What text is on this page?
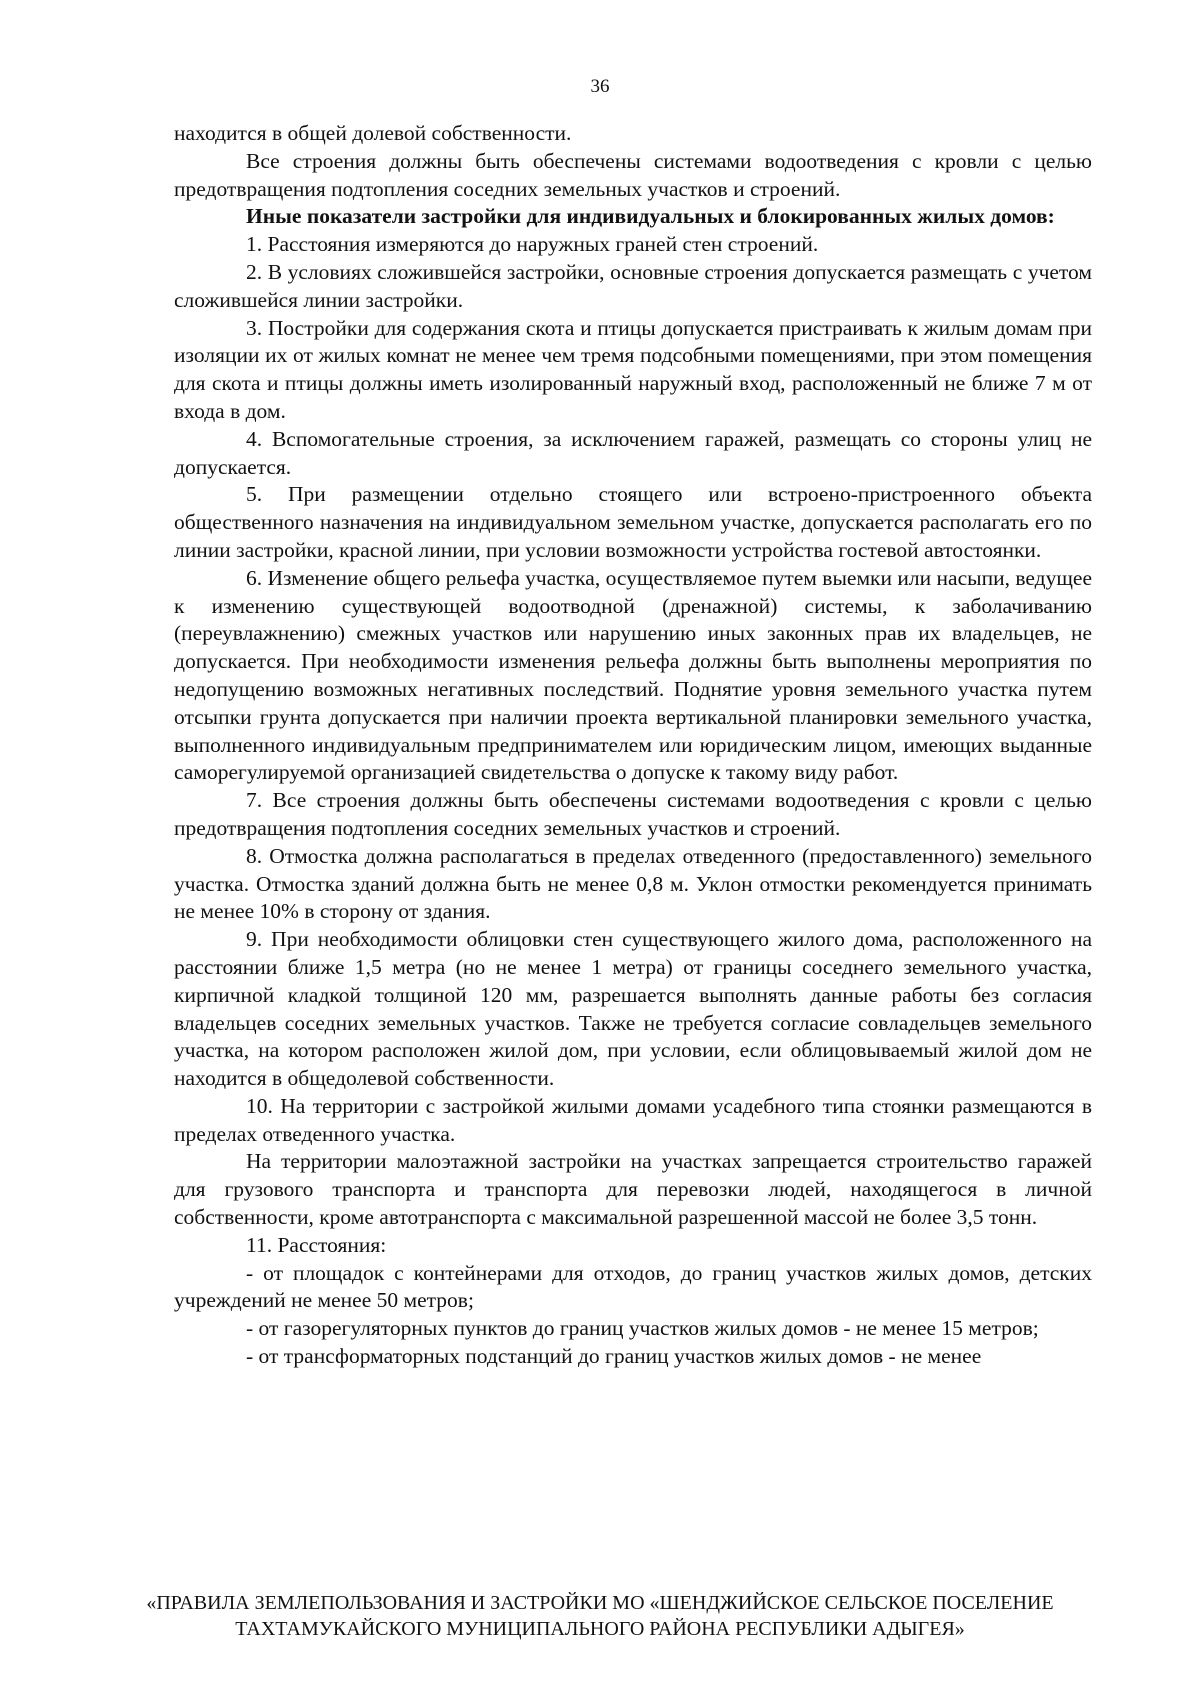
36

находится в общей долевой собственности.

Все строения должны быть обеспечены системами водоотведения с кровли с целью предотвращения подтопления соседних земельных участков и строений.

Иные показатели застройки для индивидуальных и блокированных жилых домов:

1. Расстояния измеряются до наружных граней стен строений.

2. В условиях сложившейся застройки, основные строения допускается размещать с учетом сложившейся линии застройки.

3. Постройки для содержания скота и птицы допускается пристраивать к жилым домам при изоляции их от жилых комнат не менее чем тремя подсобными помещениями, при этом помещения для скота и птицы должны иметь изолированный наружный вход, расположенный не ближе 7 м от входа в дом.

4. Вспомогательные строения, за исключением гаражей, размещать со стороны улиц не допускается.

5. При размещении отдельно стоящего или встроено-пристроенного объекта общественного назначения на индивидуальном земельном участке, допускается располагать его по линии застройки, красной линии, при условии возможности устройства гостевой автостоянки.

6. Изменение общего рельефа участка, осуществляемое путем выемки или насыпи, ведущее к изменению существующей водоотводной (дренажной) системы, к заболачиванию (переувлажнению) смежных участков или нарушению иных законных прав их владельцев, не допускается. При необходимости изменения рельефа должны быть выполнены мероприятия по недопущению возможных негативных последствий. Поднятие уровня земельного участка путем отсыпки грунта допускается при наличии проекта вертикальной планировки земельного участка, выполненного индивидуальным предпринимателем или юридическим лицом, имеющих выданные саморегулируемой организацией свидетельства о допуске к такому виду работ.

7. Все строения должны быть обеспечены системами водоотведения с кровли с целью предотвращения подтопления соседних земельных участков и строений.

8. Отмостка должна располагаться в пределах отведенного (предоставленного) земельного участка. Отмостка зданий должна быть не менее 0,8 м. Уклон отмостки рекомендуется принимать не менее 10% в сторону от здания.

9. При необходимости облицовки стен существующего жилого дома, расположенного на расстоянии ближе 1,5 метра (но не менее 1 метра) от границы соседнего земельного участка, кирпичной кладкой толщиной 120 мм, разрешается выполнять данные работы без согласия владельцев соседних земельных участков. Также не требуется согласие совладельцев земельного участка, на котором расположен жилой дом, при условии, если облицовываемый жилой дом не находится в общедолевой собственности.

10. На территории с застройкой жилыми домами усадебного типа стоянки размещаются в пределах отведенного участка.

На территории малоэтажной застройки на участках запрещается строительство гаражей для грузового транспорта и транспорта для перевозки людей, находящегося в личной собственности, кроме автотранспорта с максимальной разрешенной массой не более 3,5 тонн.

11. Расстояния:

- от площадок с контейнерами для отходов, до границ участков жилых домов, детских учреждений не менее 50 метров;

- от газорегуляторных пунктов до границ участков жилых домов - не менее 15 метров;

- от трансформаторных подстанций до границ участков жилых домов - не менее

«ПРАВИЛА ЗЕМЛЕПОЛЬЗОВАНИЯ И ЗАСТРОЙКИ МО «ШЕНДЖИЙСКОЕ СЕЛЬСКОЕ ПОСЕЛЕНИЕ
ТАХТАМУКАЙСКОГО МУНИЦИПАЛЬНОГО РАЙОНА РЕСПУБЛИКИ АДЫГЕЯ»
